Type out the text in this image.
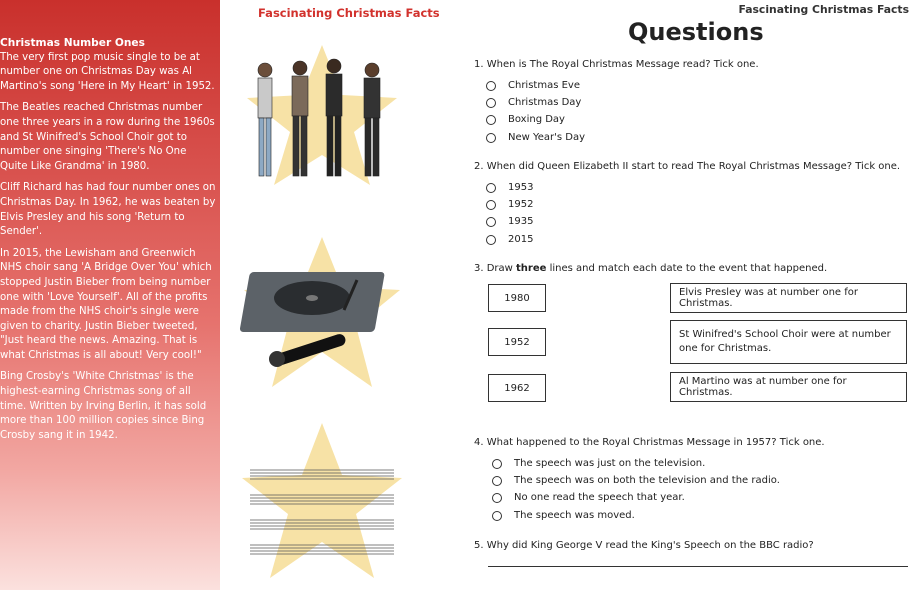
Christmas Number Ones

The very first pop music single to be at number one on Christmas Day was Al Martino's song 'Here in My Heart' in 1952.

The Beatles reached Christmas number one three years in a row during the 1960s and St Winifred's School Choir got to number one singing 'There's No One Quite Like Grandma' in 1980.

Cliff Richard has had four number ones on Christmas Day. In 1962, he was beaten by Elvis Presley and his song 'Return to Sender'.

In 2015, the Lewisham and Greenwich NHS choir sang 'A Bridge Over You' which stopped Justin Bieber from being number one with 'Love Yourself'. All of the profits made from the NHS choir's single were given to charity. Justin Bieber tweeted, "Just heard the news. Amazing. That is what Christmas is all about! Very cool!"

Bing Crosby's 'White Christmas' is the highest-earning Christmas song of all time. Written by Irving Berlin, it has sold more than 100 million copies since Bing Crosby sang it in 1942.

Fascinating Christmas Facts	Fascinating Christmas Facts
Questions
1. When is The Royal Christmas Message read? Tick one.
Christmas Eve
Christmas Day
Boxing Day
New Year's Day
2. When did Queen Elizabeth II start to read The Royal Christmas Message? Tick one.
1953
1952
1935
2015
3. Draw three lines and match each date to the event that happened.
1980
1952
1962
Elvis Presley was at number one for Christmas.
St Winifred's School Choir were at number one for Christmas.
Al Martino was at number one for Christmas.
4. What happened to the Royal Christmas Message in 1957? Tick one.
The speech was just on the television.
The speech was on both the television and the radio.
No one read the speech that year.
The speech was moved.
5. Why did King George V read the King's Speech on the BBC radio?
